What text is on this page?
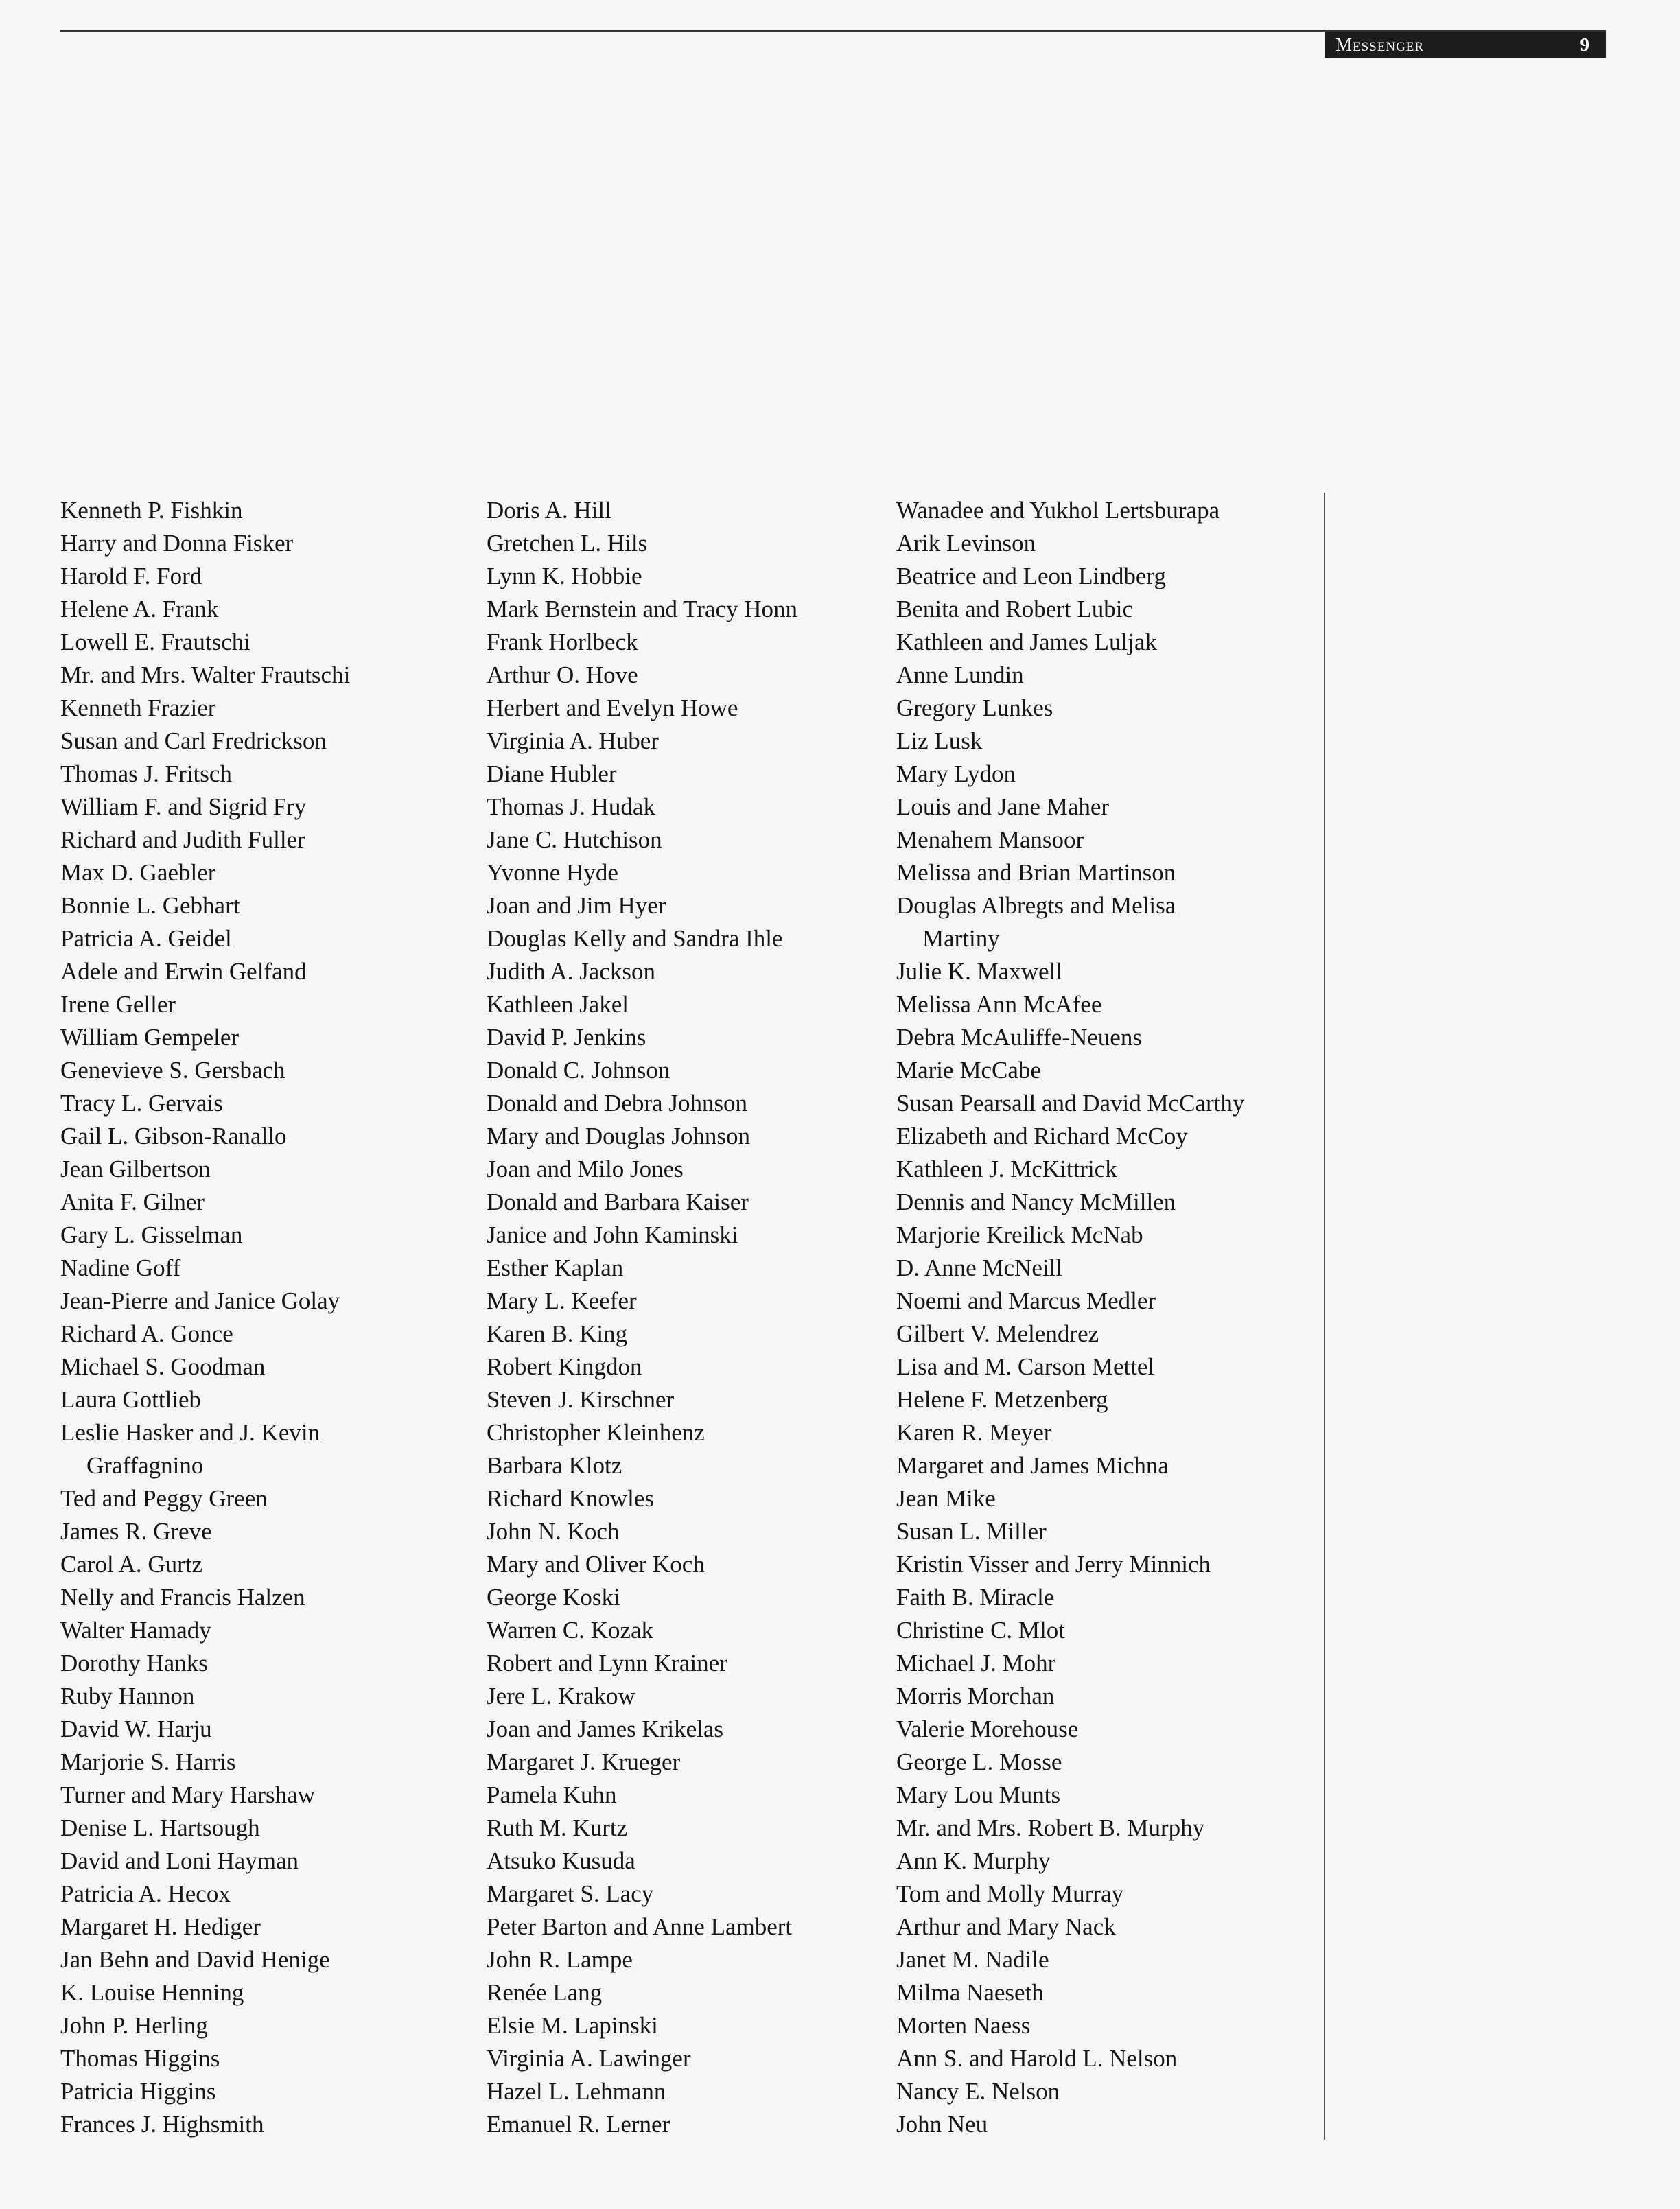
Messenger	9
Kenneth P. Fishkin
Harry and Donna Fisker
Harold F. Ford
Helene A. Frank
Lowell E. Frautschi
Mr. and Mrs. Walter Frautschi
Kenneth Frazier
Susan and Carl Fredrickson
Thomas J. Fritsch
William F. and Sigrid Fry
Richard and Judith Fuller
Max D. Gaebler
Bonnie L. Gebhart
Patricia A. Geidel
Adele and Erwin Gelfand
Irene Geller
William Gempeler
Genevieve S. Gersbach
Tracy L. Gervais
Gail L. Gibson-Ranallo
Jean Gilbertson
Anita F. Gilner
Gary L. Gisselman
Nadine Goff
Jean-Pierre and Janice Golay
Richard A. Gonce
Michael S. Goodman
Laura Gottlieb
Leslie Hasker and J. Kevin
Graffagnino
Ted and Peggy Green
James R. Greve
Carol A. Gurtz
Nelly and Francis Halzen
Walter Hamady
Dorothy Hanks
Ruby Hannon
David W. Harju
Marjorie S. Harris
Turner and Mary Harshaw
Denise L. Hartsough
David and Loni Hayman
Patricia A. Hecox
Margaret H. Hediger
Jan Behn and David Henige
K. Louise Henning
John P. Herling
Thomas Higgins
Patricia Higgins
Frances J. Highsmith
Doris A. Hill
Gretchen L. Hils
Lynn K. Hobbie
Mark Bernstein and Tracy Honn
Frank Horlbeck
Arthur O. Hove
Herbert and Evelyn Howe
Virginia A. Huber
Diane Hubler
Thomas J. Hudak
Jane C. Hutchison
Yvonne Hyde
Joan and Jim Hyer
Douglas Kelly and Sandra Ihle
Judith A. Jackson
Kathleen Jakel
David P. Jenkins
Donald C. Johnson
Donald and Debra Johnson
Mary and Douglas Johnson
Joan and Milo Jones
Donald and Barbara Kaiser
Janice and John Kaminski
Esther Kaplan
Mary L. Keefer
Karen B. King
Robert Kingdon
Steven J. Kirschner
Christopher Kleinhenz
Barbara Klotz
Richard Knowles
John N. Koch
Mary and Oliver Koch
George Koski
Warren C. Kozak
Robert and Lynn Krainer
Jere L. Krakow
Joan and James Krikelas
Margaret J. Krueger
Pamela Kuhn
Ruth M. Kurtz
Atsuko Kusuda
Margaret S. Lacy
Peter Barton and Anne Lambert
John R. Lampe
Renée Lang
Elsie M. Lapinski
Virginia A. Lawinger
Hazel L. Lehmann
Emanuel R. Lerner
Wanadee and Yukhol Lertsburapa
Arik Levinson
Beatrice and Leon Lindberg
Benita and Robert Lubic
Kathleen and James Luljak
Anne Lundin
Gregory Lunkes
Liz Lusk
Mary Lydon
Louis and Jane Maher
Menahem Mansoor
Melissa and Brian Martinson
Douglas Albregts and Melisa
Martiny
Julie K. Maxwell
Melissa Ann McAfee
Debra McAuliffe-Neuens
Marie McCabe
Susan Pearsall and David McCarthy
Elizabeth and Richard McCoy
Kathleen J. McKittrick
Dennis and Nancy McMillen
Marjorie Kreilick McNab
D. Anne McNeill
Noemi and Marcus Medler
Gilbert V. Melendrez
Lisa and M. Carson Mettel
Helene F. Metzenberg
Karen R. Meyer
Margaret and James Michna
Jean Mike
Susan L. Miller
Kristin Visser and Jerry Minnich
Faith B. Miracle
Christine C. Mlot
Michael J. Mohr
Morris Morchan
Valerie Morehouse
George L. Mosse
Mary Lou Munts
Mr. and Mrs. Robert B. Murphy
Ann K. Murphy
Tom and Molly Murray
Arthur and Mary Nack
Janet M. Nadile
Milma Naeseth
Morten Naess
Ann S. and Harold L. Nelson
Nancy E. Nelson
John Neu
